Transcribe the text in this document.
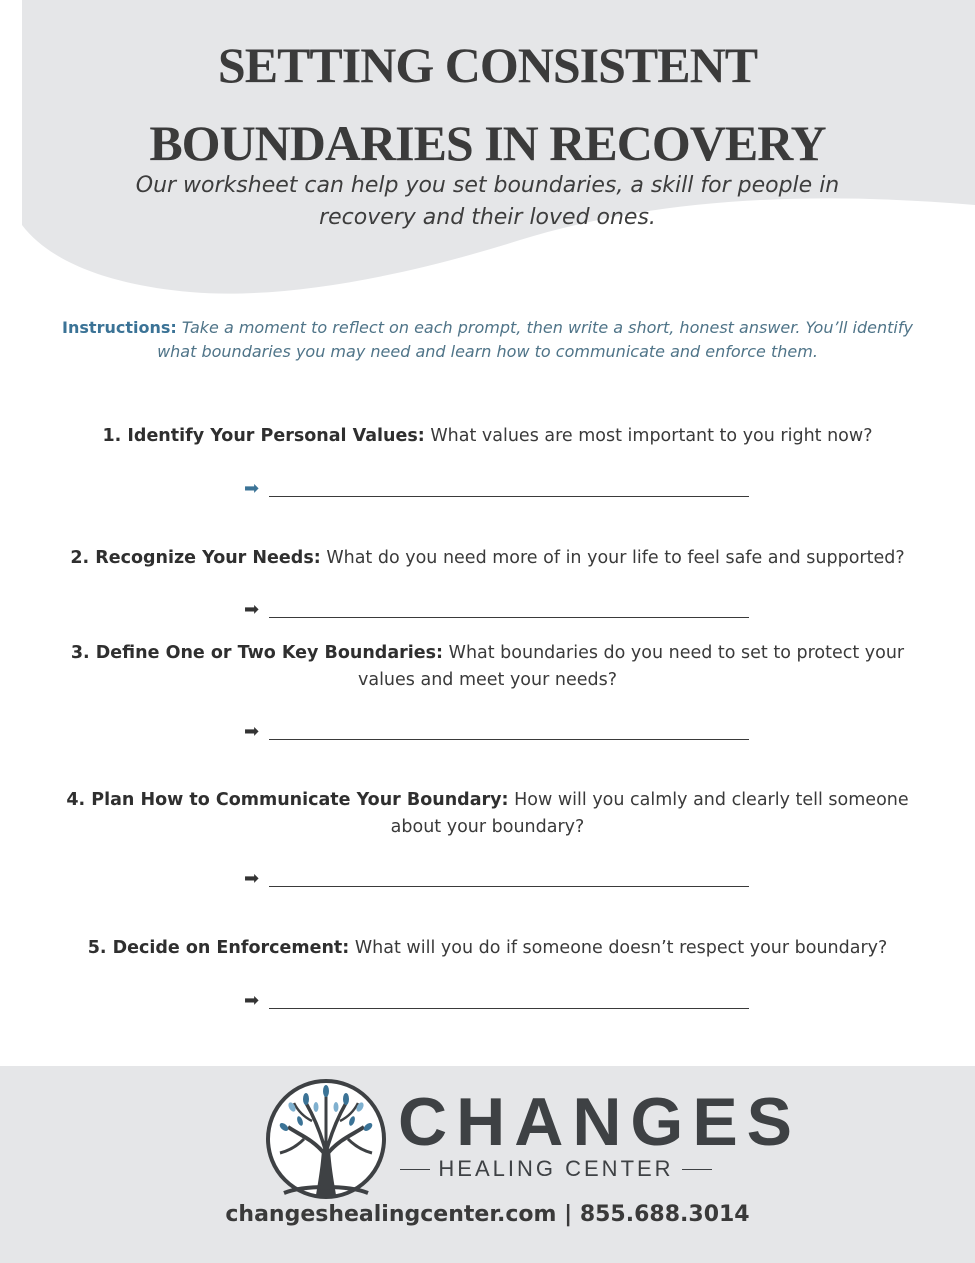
SETTING CONSISTENT
BOUNDARIES IN RECOVERY

Our worksheet can help you set boundaries, a skill for people in recovery and their loved ones.

Instructions: Take a moment to reflect on each prompt, then write a short, honest answer. You’ll identify what boundaries you may need and learn how to communicate and enforce them.

1. Identify Your Personal Values: What values are most important to you right now?

➡

2. Recognize Your Needs: What do you need more of in your life to feel safe and supported?

➡

3. Define One or Two Key Boundaries: What boundaries do you need to set to protect your values and meet your needs?

➡

4. Plan How to Communicate Your Boundary: How will you calmly and clearly tell someone about your boundary?

➡

5. Decide on Enforcement: What will you do if someone doesn’t respect your boundary?

➡
CHANGES
HEALING CENTER

changeshealingcenter.com | 855.688.3014
